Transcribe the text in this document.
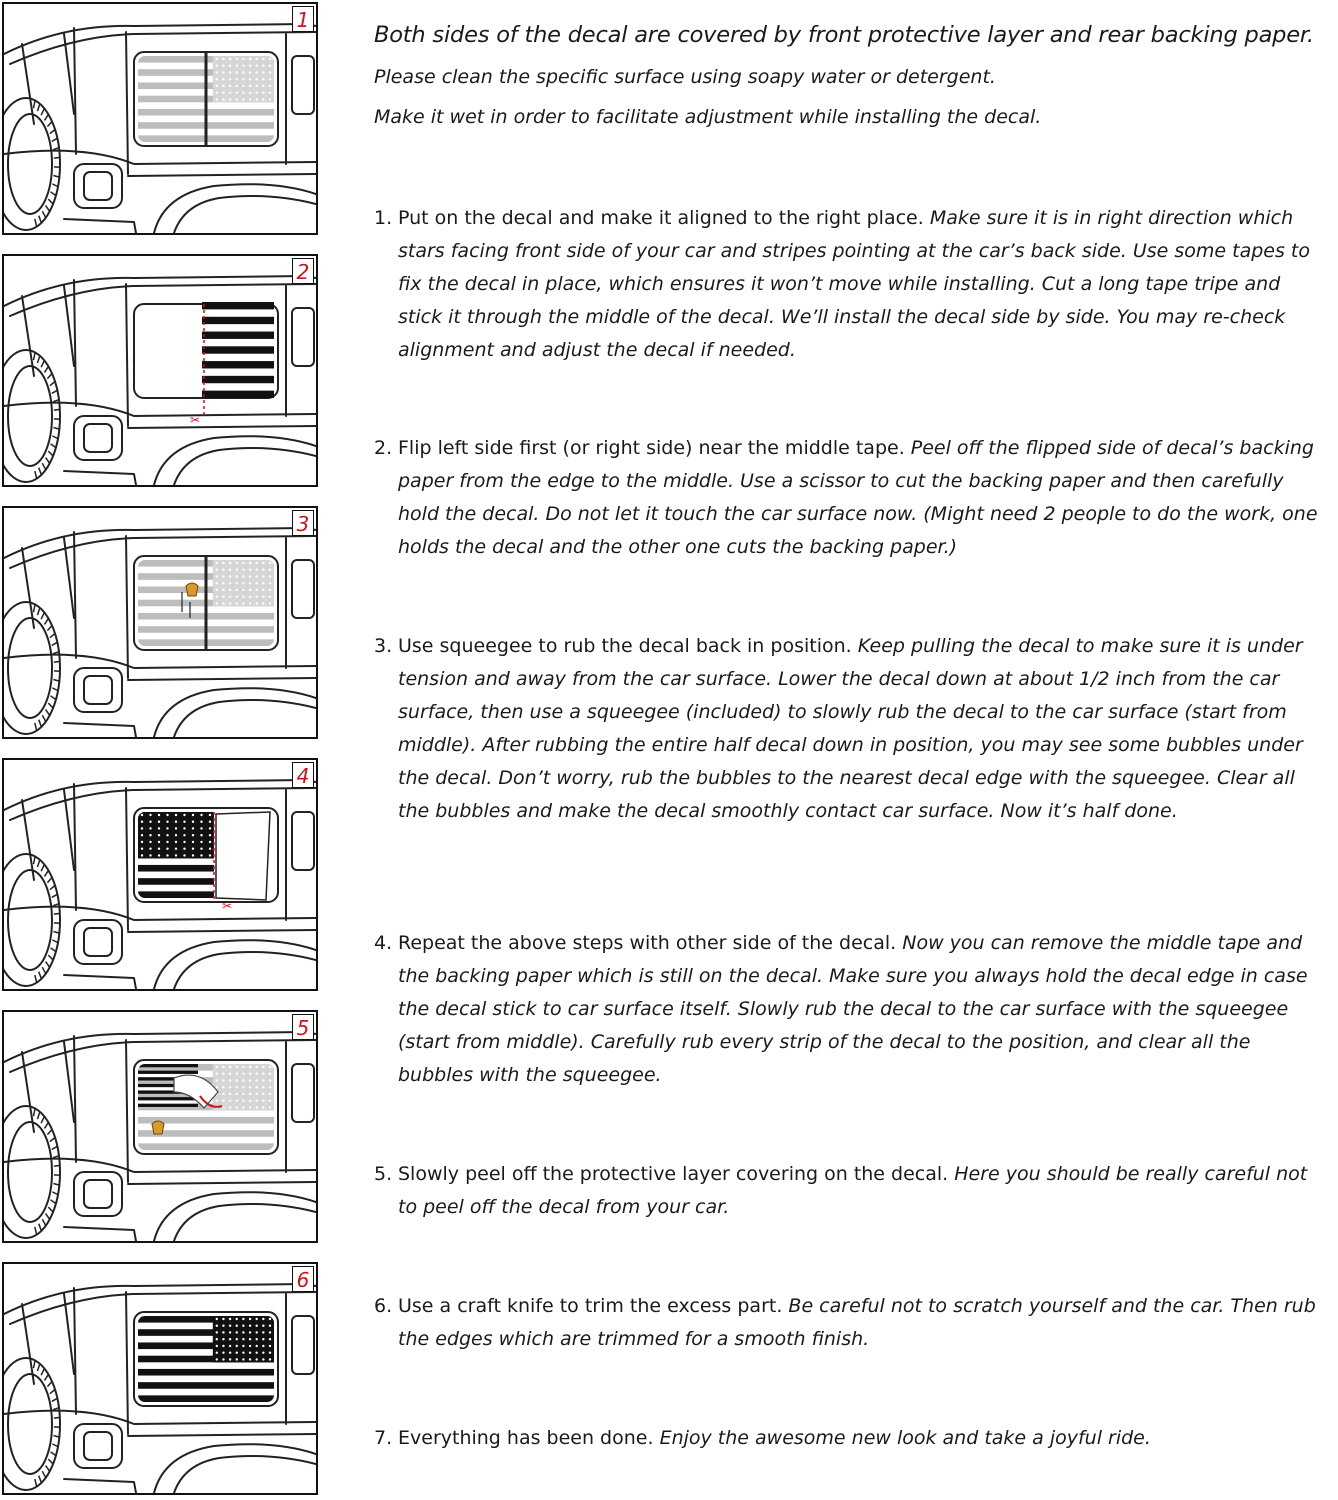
Both sides of the decal are covered by front protective layer and rear backing paper.
Please clean the specific surface using soapy water or detergent.
Make it wet in order to facilitate adjustment while installing the decal.
1
✂
2
3
✂
4
5
6
1. Put on the decal and make it aligned to the right place. Make sure it is in right direction which stars facing front side of your car and stripes pointing at the car’s back side. Use some tapes to fix the decal in place, which ensures it won’t move while installing. Cut a long tape tripe and stick it through the middle of the decal. We’ll install the decal side by side. You may re-check alignment and adjust the decal if needed.
2. Flip left side first (or right side) near the middle tape. Peel off the flipped side of decal’s backing paper from the edge to the middle. Use a scissor to cut the backing paper and then carefully hold the decal. Do not let it touch the car surface now. (Might need 2 people to do the work, one holds the decal and the other one cuts the backing paper.)
3. Use squeegee to rub the decal back in position. Keep pulling the decal to make sure it is under tension and away from the car surface. Lower the decal down at about 1/2 inch from the car surface, then use a squeegee (included) to slowly rub the decal to the car surface (start from middle). After rubbing the entire half decal down in position, you may see some bubbles under the decal. Don’t worry, rub the bubbles to the nearest decal edge with the squeegee. Clear all the bubbles and make the decal smoothly contact car surface. Now it’s half done.
4. Repeat the above steps with other side of the decal. Now you can remove the middle tape and the backing paper which is still on the decal. Make sure you always hold the decal edge in case the decal stick to car surface itself. Slowly rub the decal to the car surface with the squeegee (start from middle). Carefully rub every strip of the decal to the position, and clear all the bubbles with the squeegee.
5. Slowly peel off the protective layer covering on the decal. Here you should be really careful not to peel off the decal from your car.
6. Use a craft knife to trim the excess part. Be careful not to scratch yourself and the car. Then rub the edges which are trimmed for a smooth finish.
7. Everything has been done. Enjoy the awesome new look and take a joyful ride.
